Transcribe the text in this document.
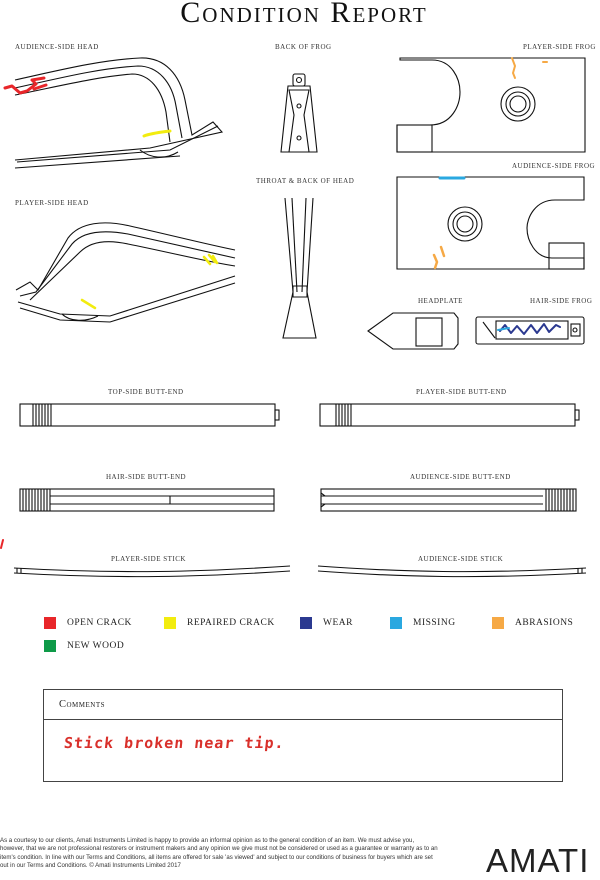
Condition Report
AUDIENCE-SIDE HEAD	BACK OF FROG	PLAYER-SIDE FROG
AUDIENCE-SIDE FROG
THROAT & BACK OF HEAD
PLAYER-SIDE HEAD
HEADPLATE	HAIR-SIDE FROG
TOP-SIDE BUTT-END	PLAYER-SIDE BUTT-END
HAIR-SIDE BUTT-END	AUDIENCE-SIDE BUTT-END
PLAYER-SIDE STICK	AUDIENCE-SIDE STICK
OPEN CRACK	REPAIRED CRACK	WEAR	MISSING	ABRASIONS
NEW WOOD
Comments
Stick broken near tip.
As a courtesy to our clients, Amati Instruments Limited is happy to provide an informal opinion as to the general condition of an item. We must advise you, however, that we are not professional restorers or instrument makers and any opinion we give must not be considered or used as a guarantee or warranty as to an item's condition. In line with our Terms and Conditions, all items are offered for sale 'as viewed' and subject to our conditions of business for buyers which are set out in our Terms and Conditions. © Amati Instruments Limited 2017	AMATI
